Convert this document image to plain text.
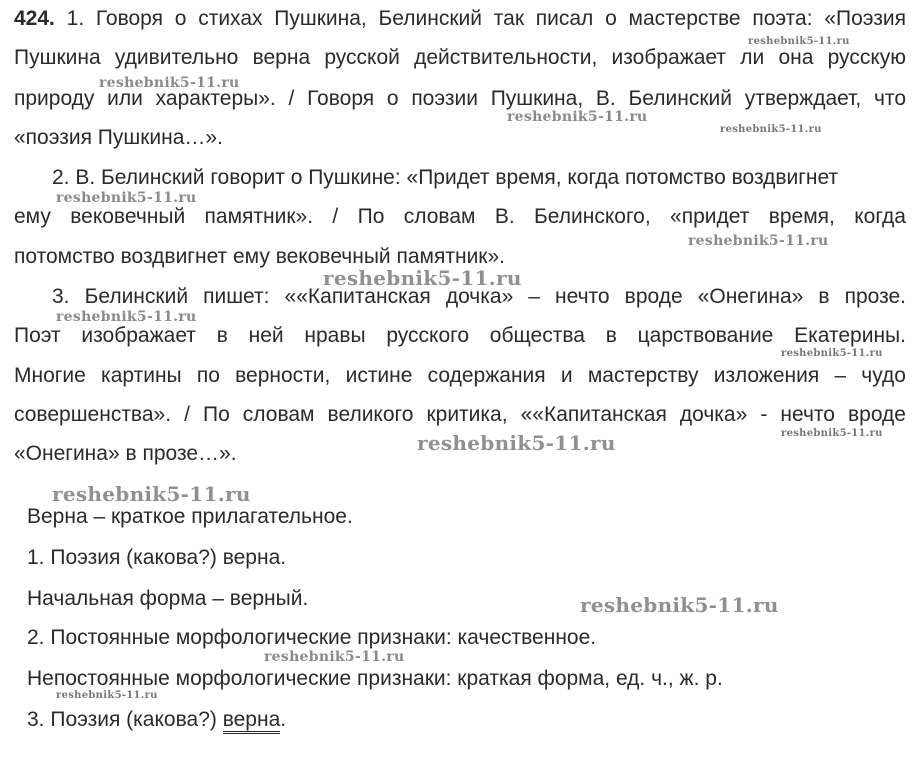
424. 1. Говоря о стихах Пушкина, Белинский так писал о мастерстве поэта: «Поэзия
Пушкина удивительно верна русской действительности, изображает ли она русскую
природу или характеры». / Говоря о поэзии Пушкина, В. Белинский утверждает, что
«поэзия Пушкина…».
2. В. Белинский говорит о Пушкине: «Придет время, когда потомство воздвигнет
ему вековечный памятник». / По словам В. Белинского, «придет время, когда
потомство воздвигнет ему вековечный памятник».
3. Белинский пишет: ««Капитанская дочка» – нечто вроде «Онегина» в прозе.
Поэт изображает в ней нравы русского общества в царствование Екатерины.
Многие картины по верности, истине содержания и мастерству изложения – чудо
совершенства». / По словам великого критика, ««Капитанская дочка» - нечто вроде
«Онегина» в прозе…».
Верна – краткое прилагательное.
1. Поэзия (какова?) верна.
Начальная форма – верный.
2. Постоянные морфологические признаки: качественное.
Непостоянные морфологические признаки: краткая форма, ед. ч., ж. р.
3. Поэзия (какова?) верна.
reshebnik5-11.ru
reshebnik5-11.ru
reshebnik5-11.ru
reshebnik5-11.ru
reshebnik5-11.ru
reshebnik5-11.ru
reshebnik5-11.ru
reshebnik5-11.ru
reshebnik5-11.ru
reshebnik5-11.ru
reshebnik5-11.ru
reshebnik5-11.ru
reshebnik5-11.ru
reshebnik5-11.ru
reshebnik5-11.ru
